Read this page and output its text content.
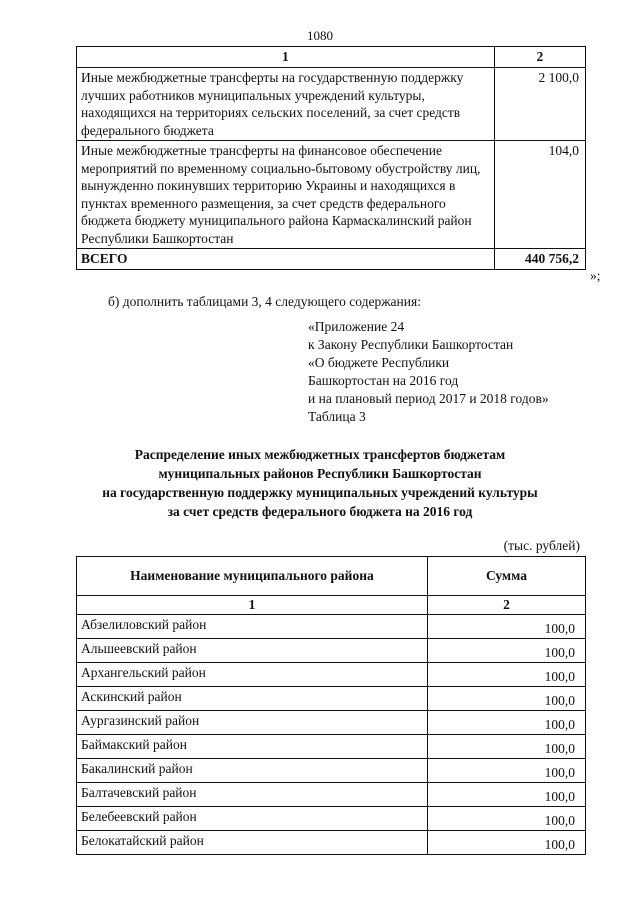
1080
1	2
Иные межбюджетные трансферты на государственную поддержку лучших работников муниципальных учреждений культуры, находящихся на территориях сельских поселений, за счет средств федерального бюджета	2 100,0
Иные межбюджетные трансферты на финансовое обеспечение мероприятий по временному социально-бытовому обустройству лиц, вынужденно покинувших территорию Украины и находящихся в пунктах временного размещения, за счет средств федерального бюджета бюджету муниципального района Кармаскалинский район Республики Башкортостан	104,0
ВСЕГО	440 756,2
»;
б) дополнить таблицами 3, 4 следующего содержания:
«Приложение 24
к Закону Республики Башкортостан
«О бюджете Республики
Башкортостан на 2016 год
и на плановый период 2017 и 2018 годов»
Таблица 3
Распределение иных межбюджетных трансфертов бюджетам
муниципальных районов Республики Башкортостан
на государственную поддержку муниципальных учреждений культуры
за счет средств федерального бюджета на 2016 год
(тыс. рублей)
Наименование муниципального района	Сумма
1	2
Абзелиловский район	100,0
Альшеевский район	100,0
Архангельский район	100,0
Аскинский район	100,0
Аургазинский район	100,0
Баймакский район	100,0
Бакалинский район	100,0
Балтачевский район	100,0
Белебеевский район	100,0
Белокатайский район	100,0
